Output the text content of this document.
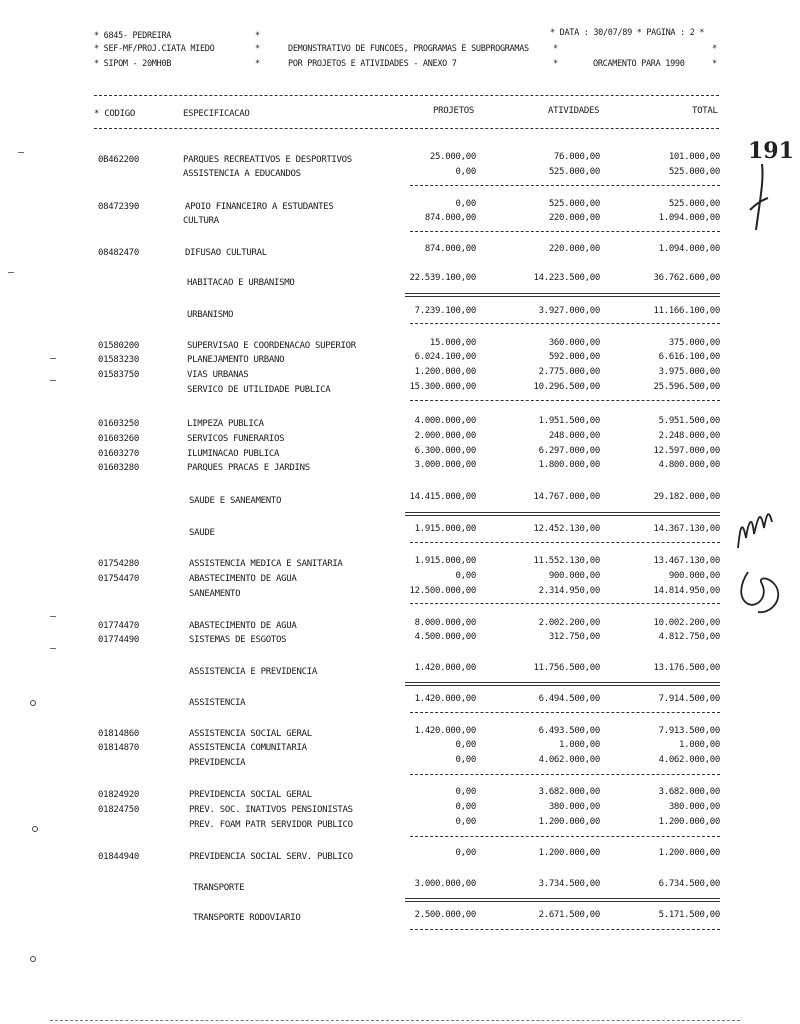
* 6845- PEDREIRA
* SEF-MF/PROJ.CIATA MIEDO
* SIPOM - 20MH0B
*
*
*
DEMONSTRATIVO DE FUNCOES, PROGRAMAS E SUBPROGRAMAS
POR PROJETOS E ATIVIDADES - ANEXO 7
* DATA : 30/07/89 * PAGINA : 2 *
*
*	ORCAMENTO PARA 1990
*
*
* CODIGO	ESPECIFICACAO	PROJETOS	ATIVIDADES	TOTAL
0B462200	PARQUES RECREATIVOS E DESPORTIVOS	25.000,00	76.000,00	101.000,00
ASSISTENCIA A EDUCANDOS	0,00	525.000,00	525.000,00
08472390	APOIO FINANCEIRO A ESTUDANTES	0,00	525.000,00	525.000,00
CULTURA	874.000,00	220.000,00	1.094.000,00
08482470	DIFUSAO CULTURAL	874.000,00	220.000,00	1.094.000,00
HABITACAO E URBANISMO	22.539.100,00	14.223.500,00	36.762.600,00
URBANISMO	7.239.100,00	3.927.000,00	11.166.100,00
01580200	SUPERVISAO E COORDENACAO SUPERIOR	15.000,00	360.000,00	375.000,00
01583230	PLANEJAMENTO URBANO	6.024.100,00	592.000,00	6.616.100,00
01583750	VIAS URBANAS	1.200.000,00	2.775.000,00	3.975.000,00
SERVICO DE UTILIDADE PUBLICA	15.300.000,00	10.296.500,00	25.596.500,00
01603250	LIMPEZA PUBLICA	4.000.000,00	1.951.500,00	5.951.500,00
01603260	SERVICOS FUNERARIOS	2.000.000,00	248.000,00	2.248.000,00
01603270	ILUMINACAO PUBLICA	6.300.000,00	6.297.000,00	12.597.000,00
01603280	PARQUES PRACAS E JARDINS	3.000.000,00	1.800.000,00	4.800.000,00
SAUDE E SANEAMENTO	14.415.000,00	14.767.000,00	29.182.000,00
SAUDE	1.915.000,00	12.452.130,00	14.367.130,00
01754280	ASSISTENCIA MEDICA E SANITARIA	1.915.000,00	11.552.130,00	13.467.130,00
01754470	ABASTECIMENTO DE AGUA	0,00	900.000,00	900.000,00
SANEAMENTO	12.500.000,00	2.314.950,00	14.814.950,00
01774470	ABASTECIMENTO DE AGUA	8.000.000,00	2.002.200,00	10.002.200,00
01774490	SISTEMAS DE ESGOTOS	4.500.000,00	312.750,00	4.812.750,00
ASSISTENCIA E PREVIDENCIA	1.420.000,00	11.756.500,00	13.176.500,00
ASSISTENCIA	1.420.000,00	6.494.500,00	7.914.500,00
01814860	ASSISTENCIA SOCIAL GERAL	1.420.000,00	6.493.500,00	7.913.500,00
01814870	ASSISTENCIA COMUNITARIA	0,00	1.000,00	1.000,00
PREVIDENCIA	0,00	4.062.000,00	4.062.000,00
01824920	PREVIDENCIA SOCIAL GERAL	0,00	3.682.000,00	3.682.000,00
01824750	PREV. SOC. INATIVOS PENSIONISTAS	0,00	380.000,00	380.000,00
PREV. FOAM PATR SERVIDOR PUBLICO	0,00	1.200.000,00	1.200.000,00
01844940	PREVIDENCIA SOCIAL SERV. PUBLICO	0,00	1.200.000,00	1.200.000,00
TRANSPORTE	3.000.000,00	3.734.500,00	6.734.500,00
TRANSPORTE RODOVIARIO	2.500.000,00	2.671.500,00	5.171.500,00
191
